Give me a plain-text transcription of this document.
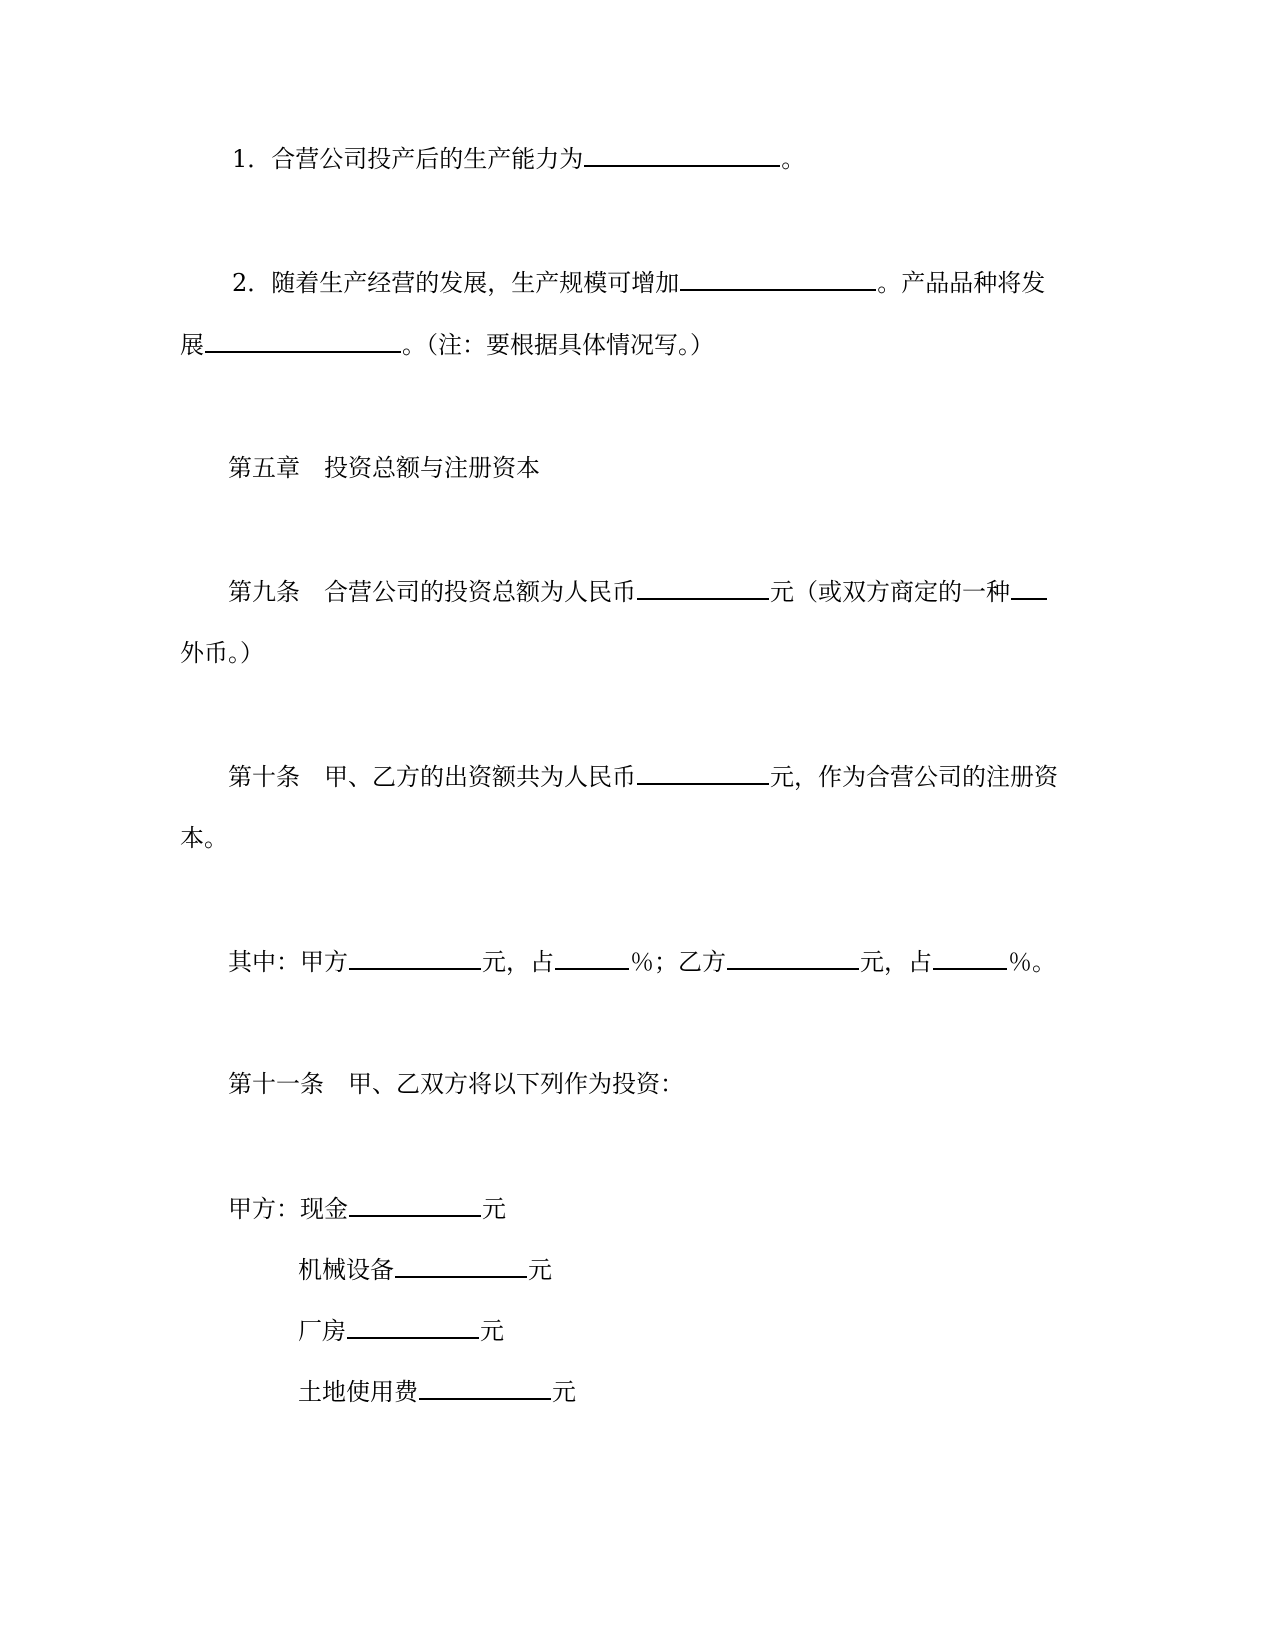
1．合营公司投产后的生产能力为	。
2．随着生产经营的发展，生产规模可增加	。产品品种将发
展	。（注：要根据具体情况写。）
第五章　投资总额与注册资本
第九条　合营公司的投资总额为人民币	元（或双方商定的一种
外币。）
第十条　甲、乙方的出资额共为人民币	元，作为合营公司的注册资
本。
其中：甲方	元，占	％；乙方	元，占	％。
第十一条　甲、乙双方将以下列作为投资：
甲方：现金	元
机械设备	元
厂房	元
土地使用费	元
